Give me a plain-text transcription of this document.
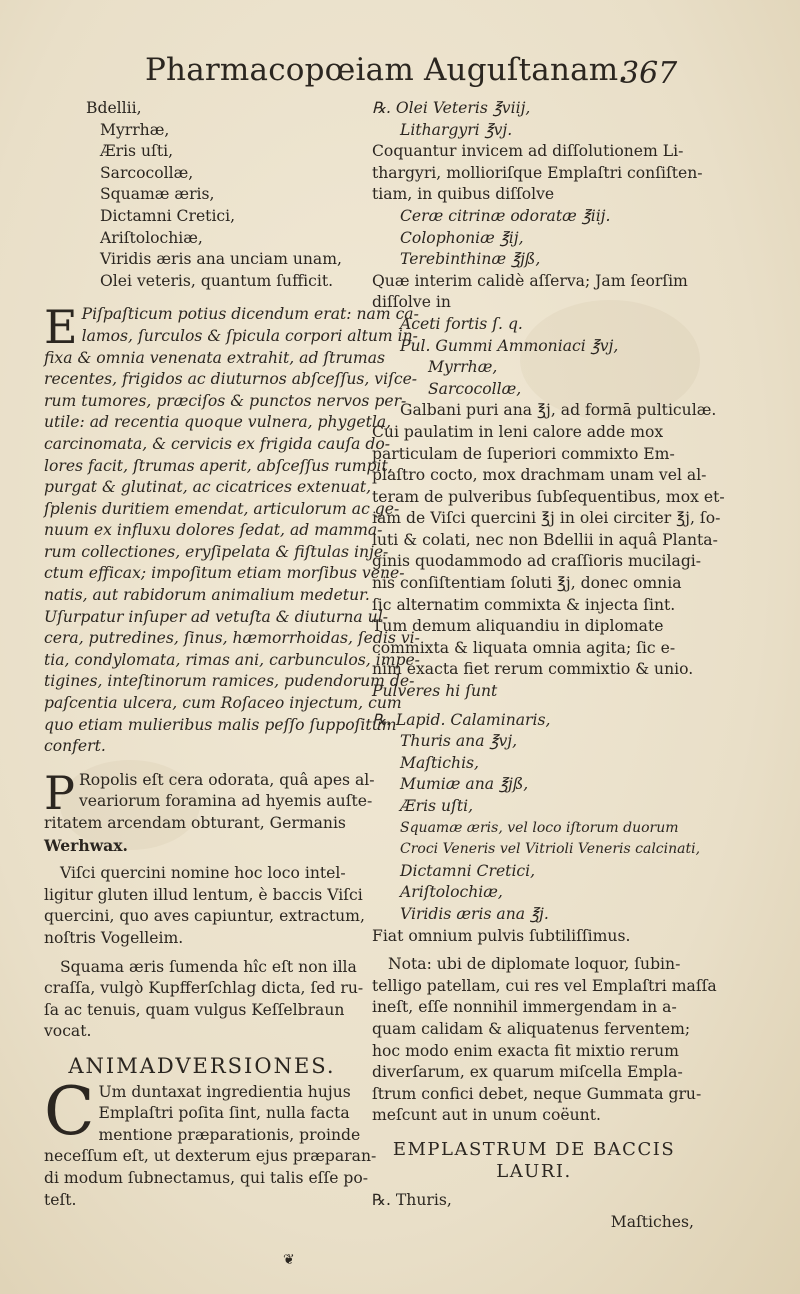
Pharmacopœiam Auguſtanam.
367
Bdellii,
Myrrhæ,
Æris uſti,
Sarcocollæ,
Squamæ æris,
Dictamni Cretici,
Ariſtolochiæ,
Viridis æris ana unciam unam,
Olei veteris, quantum ſufficit.
E Piſpaſticum potius dicendum erat: nam ca-
lamos, ſurculos & ſpicula corpori altum in-
fixa & omnia venenata extrahit, ad ſtrumas
recentes, frigidos ac diuturnos abſceſſus, viſce-
rum tumores, præciſos & punctos nervos per-
utile: ad recentia quoque vulnera, phygetla,
carcinomata, & cervicis ex frigida cauſa do-
lores facit, ſtrumas aperit, abſceſſus rumpit,
purgat & glutinat, ac cicatrices extenuat,
ſplenis duritiem emendat, articulorum ac ge-
nuum ex influxu dolores ſedat, ad mamma-
rum collectiones, eryſipelata & fiſtulas inje-
ctum efficax; impoſitum etiam morſibus vene-
natis, aut rabidorum animalium medetur.
Uſurpatur inſuper ad vetuſta & diuturna ul-
cera, putredines, ſinus, hæmorrhoidas, ſedis vi-
tia, condylomata, rimas ani, carbunculos, impe-
tigines, inteſtinorum ramices, pudendorum de-
paſcentia ulcera, cum Roſaceo injectum, cum
quo etiam mulieribus malis peſſo ſuppoſitum
confert.
P Ropolis eſt cera odorata, quâ apes al-
veariorum foramina ad hyemis auſte-
ritatem arcendam obturant, Germanis
Werhwax.
Viſci quercini nomine hoc loco intel-
ligitur gluten illud lentum, è baccis Viſci
quercini, quo aves capiuntur, extractum,
noſtris Vogelleim.
Squama æris ſumenda hîc eſt non illa
craſſa, vulgò Kupfferſchlag dicta, ſed ru-
ſa ac tenuis, quam vulgus Keſſelbraun
vocat.
ANIMADVERSIONES.
C Um duntaxat ingredientia hujus
Emplaſtri poſita ſint, nulla facta
mentione præparationis, proinde
neceſſum eſt, ut dexterum ejus præparan-
di modum ſubnectamus, qui talis eſſe po-
teſt.
℞. Olei Veteris ℥viij,
Lithargyri ℥vj.
Coquantur invicem ad diſſolutionem Li-
thargyri, mollioriſque Emplaſtri conſiſten-
tiam, in quibus diſſolve
Ceræ citrinæ odoratæ ℥iij.
Colophoniæ ℥ij,
Terebinthinæ ℥jß,
Quæ interim calidè aſſerva; Jam ſeorſim
diſſolve in
Aceti fortis ſ. q.
Pul. Gummi Ammoniaci ℥vj,
Myrrhæ,
Sarcocollæ,
Galbani puri ana ℥j, ad formā pulticulæ.
Cui paulatim in leni calore adde mox
particulam de ſuperiori commixto Em-
plaſtro cocto, mox drachmam unam vel al-
teram de pulveribus ſubſequentibus, mox et-
iam de Viſci quercini ℥j in olei circiter ℥j, ſo-
luti & colati, nec non Bdellii in aquâ Planta-
ginis quodammodo ad craſſioris mucilagi-
nis conſiſtentiam ſoluti ℥j, donec omnia
ſic alternatim commixta & injecta ſint.
Tum demum aliquandiu in diplomate
commixta & liquata omnia agita; ſic e-
nim exacta fiet rerum commixtio & unio.
Pulveres hi ſunt
℞. Lapid. Calaminaris,
Thuris ana ℥vj,
Maſtichis,
Mumiæ ana ℥jß,
Æris uſti,
Squamæ æris, vel loco iſtorum duorum
Croci Veneris vel Vitrioli Veneris calcinati,
Dictamni Cretici,
Ariſtolochiæ,
Viridis æris ana ℥j.
Fiat omnium pulvis ſubtiliſſimus.
Nota: ubi de diplomate loquor, ſubin-
telligo patellam, cui res vel Emplaſtri maſſa
ineſt, eſſe nonnihil immergendam in a-
quam calidam & aliquatenus ferventem;
hoc modo enim exacta fit mixtio rerum
diverſarum, ex quarum miſcella Empla-
ſtrum confici debet, neque Gummata gru-
meſcunt aut in unum coëunt.
EMPLASTRUM DE BACCIS
LAURI.
℞. Thuris,
Maſtiches,
❦
